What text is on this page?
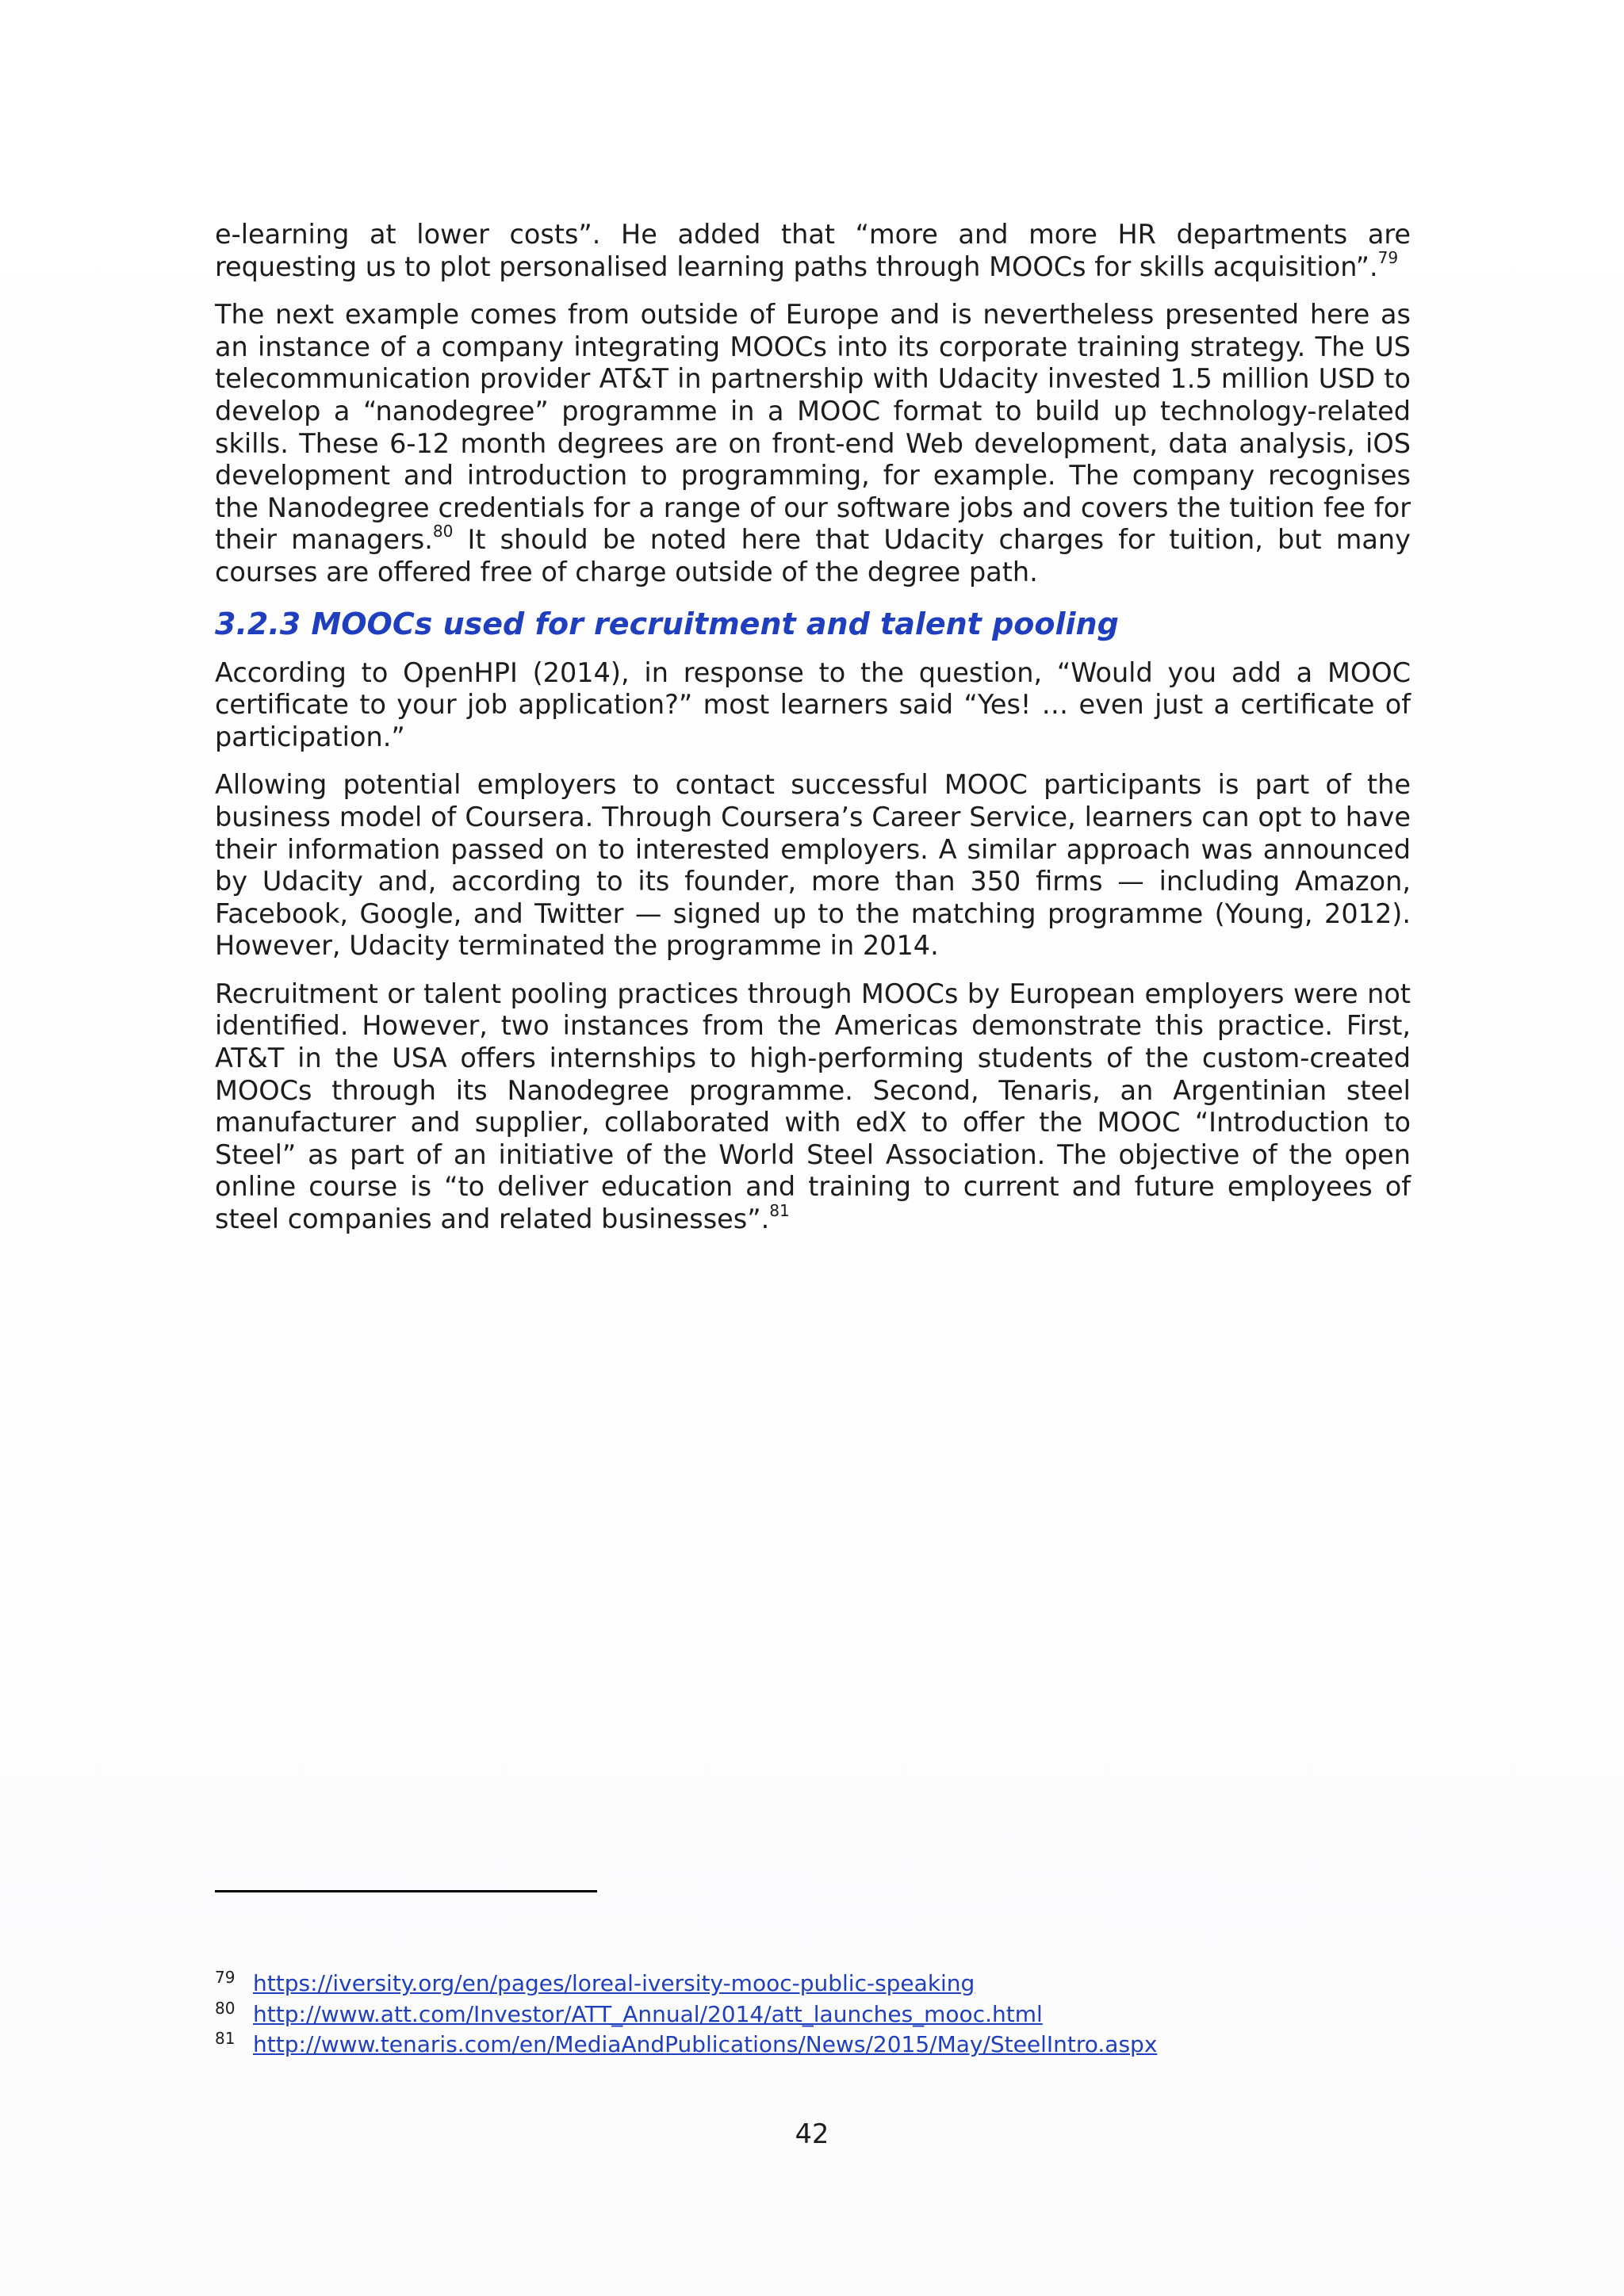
e-learning at lower costs”. He added that “more and more HR departments are requesting us to plot personalised learning paths through MOOCs for skills acquisition”.$^{79}$

The next example comes from outside of Europe and is nevertheless presented here as an instance of a company integrating MOOCs into its corporate training strategy. The US telecommunication provider AT&T in partnership with Udacity invested 1.5 million USD to develop a “nanodegree” programme in a MOOC format to build up technology-related skills. These 6-12 month degrees are on front-end Web development, data analysis, iOS development and introduction to programming, for example. The company recognises the Nanodegree credentials for a range of our software jobs and covers the tuition fee for their managers.$^{80}$ It should be noted here that Udacity charges for tuition, but many courses are offered free of charge outside of the degree path.

3.2.3 MOOCs used for recruitment and talent pooling

According to OpenHPI (2014), in response to the question, “Would you add a MOOC certificate to your job application?” most learners said “Yes! … even just a certificate of participation.”

Allowing potential employers to contact successful MOOC participants is part of the business model of Coursera. Through Coursera’s Career Service, learners can opt to have their information passed on to interested employers. A similar approach was announced by Udacity and, according to its founder, more than 350 firms — including Amazon, Facebook, Google, and Twitter — signed up to the matching programme (Young, 2012). However, Udacity terminated the programme in 2014.

Recruitment or talent pooling practices through MOOCs by European employers were not identified. However, two instances from the Americas demonstrate this practice. First, AT&T in the USA offers internships to high-performing students of the custom-created MOOCs through its Nanodegree programme. Second, Tenaris, an Argentinian steel manufacturer and supplier, collaborated with edX to offer the MOOC “Introduction to Steel” as part of an initiative of the World Steel Association. The objective of the open online course is “to deliver education and training to current and future employees of steel companies and related businesses”.$^{81}$

79 https://iversity.org/en/pages/loreal-iversity-mooc-public-speaking
80 http://www.att.com/Investor/ATT_Annual/2014/att_launches_mooc.html
81 http://www.tenaris.com/en/MediaAndPublications/News/2015/May/SteelIntro.aspx
42
